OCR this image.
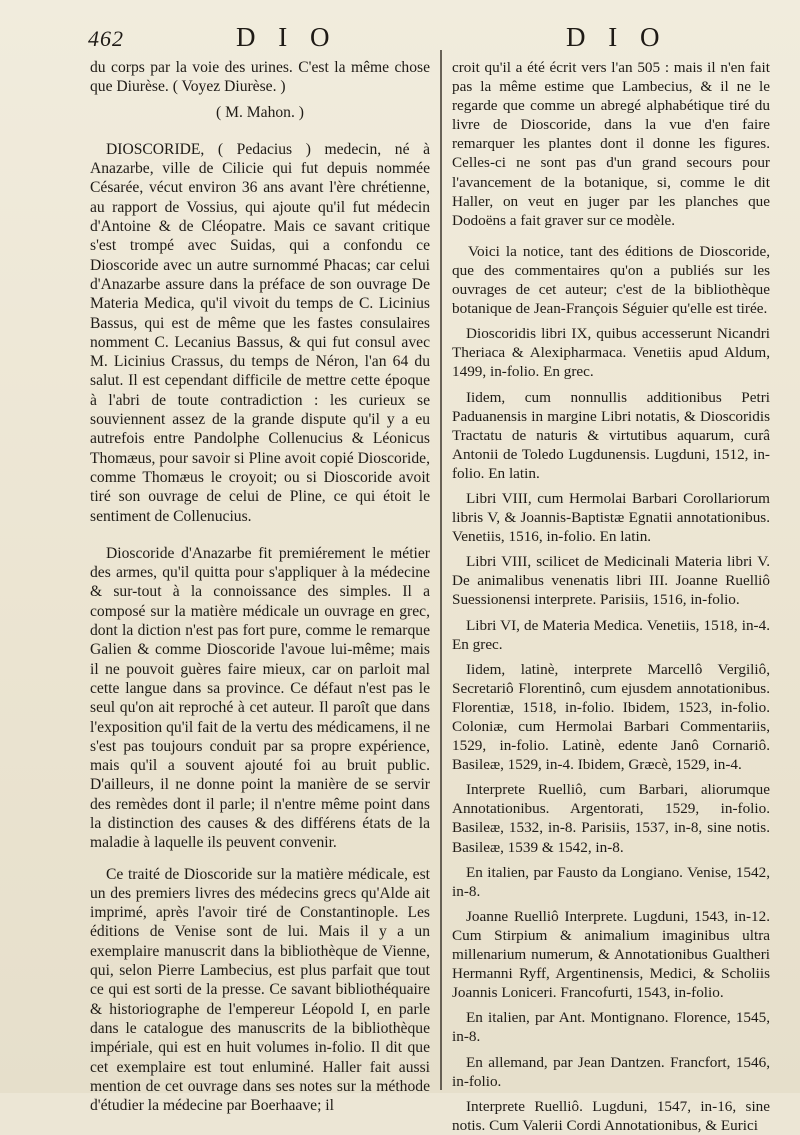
462	D I O	D I O

du corps par la voie des urines. C'est la même chose que Diurèse. ( Voyez Diurèse. )

( M. Mahon. )

DIOSCORIDE, ( Pedacius ) medecin, né à Anazarbe, ville de Cilicie qui fut depuis nommée Césarée, vécut environ 36 ans avant l'ère chrétienne, au rapport de Vossius, qui ajoute qu'il fut médecin d'Antoine & de Cléopatre. Mais ce savant critique s'est trompé avec Suidas, qui a confondu ce Dioscoride avec un autre surnommé Phacas; car celui d'Anazarbe assure dans la préface de son ouvrage De Materia Medica, qu'il vivoit du temps de C. Licinius Bassus, qui est de même que les fastes consulaires nomment C. Lecanius Bassus, & qui fut consul avec M. Licinius Crassus, du temps de Néron, l'an 64 du salut. Il est cependant difficile de mettre cette époque à l'abri de toute contradiction : les curieux se souviennent assez de la grande dispute qu'il y a eu autrefois entre Pandolphe Collenucius & Léonicus Thomæus, pour savoir si Pline avoit copié Dioscoride, comme Thomæus le croyoit; ou si Dioscoride avoit tiré son ouvrage de celui de Pline, ce qui étoit le sentiment de Collenucius.

Dioscoride d'Anazarbe fit premiérement le métier des armes, qu'il quitta pour s'appliquer à la médecine & sur-tout à la connoissance des simples. Il a composé sur la matière médicale un ouvrage en grec, dont la diction n'est pas fort pure, comme le remarque Galien & comme Dioscoride l'avoue lui-même; mais il ne pouvoit guères faire mieux, car on parloit mal cette langue dans sa province. Ce défaut n'est pas le seul qu'on ait reproché à cet auteur. Il paroît que dans l'exposition qu'il fait de la vertu des médicamens, il ne s'est pas toujours conduit par sa propre expérience, mais qu'il a souvent ajouté foi au bruit public. D'ailleurs, il ne donne point la manière de se servir des remèdes dont il parle; il n'entre même point dans la distinction des causes & des différens états de la maladie à laquelle ils peuvent convenir.

Ce traité de Dioscoride sur la matière médicale, est un des premiers livres des médecins grecs qu'Alde ait imprimé, après l'avoir tiré de Constantinople. Les éditions de Venise sont de lui. Mais il y a un exemplaire manuscrit dans la bibliothèque de Vienne, qui, selon Pierre Lambecius, est plus parfait que tout ce qui est sorti de la presse. Ce savant bibliothéquaire & historiographe de l'empereur Léopold I, en parle dans le catalogue des manuscrits de la bibliothèque impériale, qui est en huit volumes in-folio. Il dit que cet exemplaire est tout enluminé. Haller fait aussi mention de cet ouvrage dans ses notes sur la méthode d'étudier la médecine par Boerhaave; il

croit qu'il a été écrit vers l'an 505 : mais il n'en fait pas la même estime que Lambecius, & il ne le regarde que comme un abregé alphabétique tiré du livre de Dioscoride, dans la vue d'en faire remarquer les plantes dont il donne les figures. Celles-ci ne sont pas d'un grand secours pour l'avancement de la botanique, si, comme le dit Haller, on veut en juger par les planches que Dodoëns a fait graver sur ce modèle.

Voici la notice, tant des éditions de Dioscoride, que des commentaires qu'on a publiés sur les ouvrages de cet auteur; c'est de la bibliothèque botanique de Jean-François Séguier qu'elle est tirée.

Dioscoridis libri IX, quibus accesserunt Nicandri Theriaca & Alexipharmaca. Venetiis apud Aldum, 1499, in-folio. En grec.

Iidem, cum nonnullis additionibus Petri Paduanensis in margine Libri notatis, & Dioscoridis Tractatu de naturis & virtutibus aquarum, curâ Antonii de Toledo Lugdunensis. Lugduni, 1512, in-folio. En latin.

Libri VIII, cum Hermolai Barbari Corollariorum libris V, & Joannis-Baptistæ Egnatii annotationibus. Venetiis, 1516, in-folio. En latin.

Libri VIII, scilicet de Medicinali Materia libri V. De animalibus venenatis libri III. Joanne Ruelliô Suessionensi interprete. Parisiis, 1516, in-folio.

Libri VI, de Materia Medica. Venetiis, 1518, in-4. En grec.

Iidem, latinè, interprete Marcellô Vergiliô, Secretariô Florentinô, cum ejusdem annotationibus. Florentiæ, 1518, in-folio. Ibidem, 1523, in-folio. Coloniæ, cum Hermolai Barbari Commentariis, 1529, in-folio. Latinè, edente Janô Cornariô. Basileæ, 1529, in-4. Ibidem, Græcè, 1529, in-4.

Interprete Ruelliô, cum Barbari, aliorumque Annotationibus. Argentorati, 1529, in-folio. Basileæ, 1532, in-8. Parisiis, 1537, in-8, sine notis. Basileæ, 1539 & 1542, in-8.

En italien, par Fausto da Longiano. Venise, 1542, in-8.

Joanne Ruelliô Interprete. Lugduni, 1543, in-12. Cum Stirpium & animalium imaginibus ultra millenarium numerum, & Annotationibus Gualtheri Hermanni Ryff, Argentinensis, Medici, & Scholiis Joannis Loniceri. Francofurti, 1543, in-folio.

En italien, par Ant. Montignano. Florence, 1545, in-8.

En allemand, par Jean Dantzen. Francfort, 1546, in-folio.

Interprete Ruelliô. Lugduni, 1547, in-16, sine notis. Cum Valerii Cordi Annotationibus, & Eurici
